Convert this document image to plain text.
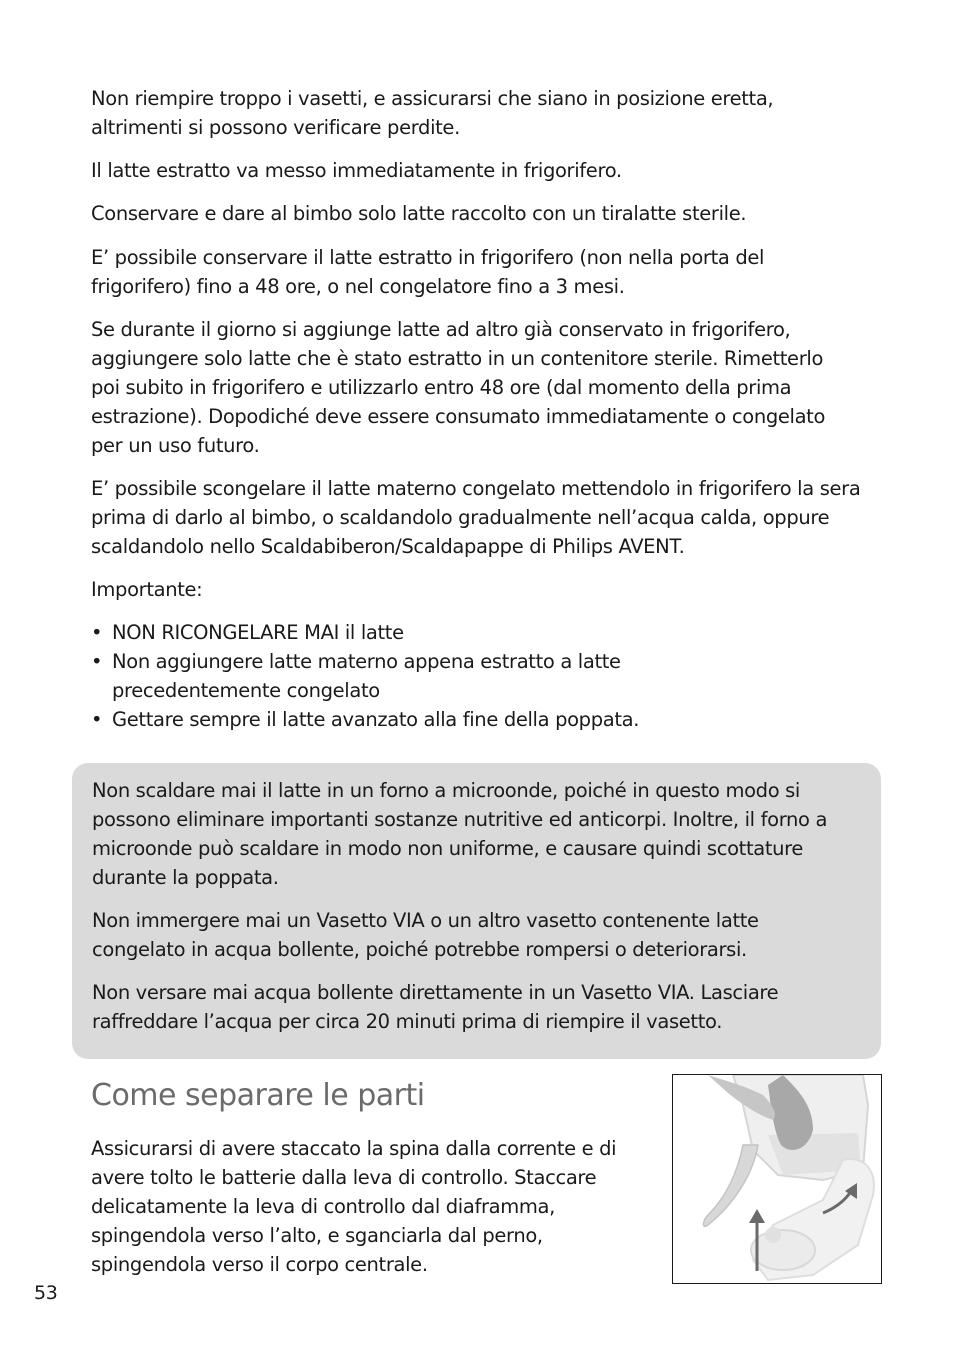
Non riempire troppo i vasetti, e assicurarsi che siano in posizione eretta, altrimenti si possono verificare perdite.

Il latte estratto va messo immediatamente in frigorifero.

Conservare e dare al bimbo solo latte raccolto con un tiralatte sterile.

E’ possibile conservare il latte estratto in frigorifero (non nella porta del frigorifero) fino a 48 ore, o nel congelatore fino a 3 mesi.

Se durante il giorno si aggiunge latte ad altro già conservato in frigorifero, aggiungere solo latte che è stato estratto in un contenitore sterile. Rimetterlo poi subito in frigorifero e utilizzarlo entro 48 ore (dal momento della prima estrazione). Dopodiché deve essere consumato immediatamente o congelato per un uso futuro.

E’ possibile scongelare il latte materno congelato mettendolo in frigorifero la sera prima di darlo al bimbo, o scaldandolo gradualmente nell’acqua calda, oppure scaldandolo nello Scaldabiberon/Scaldapappe di Philips AVENT.

Importante:

• NON RICONGELARE MAI il latte
• Non aggiungere latte materno appena estratto a latte precedentemente congelato
• Gettare sempre il latte avanzato alla fine della poppata.

Non scaldare mai il latte in un forno a microonde, poiché in questo modo si possono eliminare importanti sostanze nutritive ed anticorpi. Inoltre, il forno a microonde può scaldare in modo non uniforme, e causare quindi scottature durante la poppata.

Non immergere mai un Vasetto VIA o un altro vasetto contenente latte congelato in acqua bollente, poiché potrebbe rompersi o deteriorarsi.

Non versare mai acqua bollente direttamente in un Vasetto VIA. Lasciare raffreddare l’acqua per circa 20 minuti prima di riempire il vasetto.

Come separare le parti

Assicurarsi di avere staccato la spina dalla corrente e di avere tolto le batterie dalla leva di controllo. Staccare delicatamente la leva di controllo dal diaframma, spingendola verso l’alto, e sganciarla dal perno, spingendola verso il corpo centrale.

53
